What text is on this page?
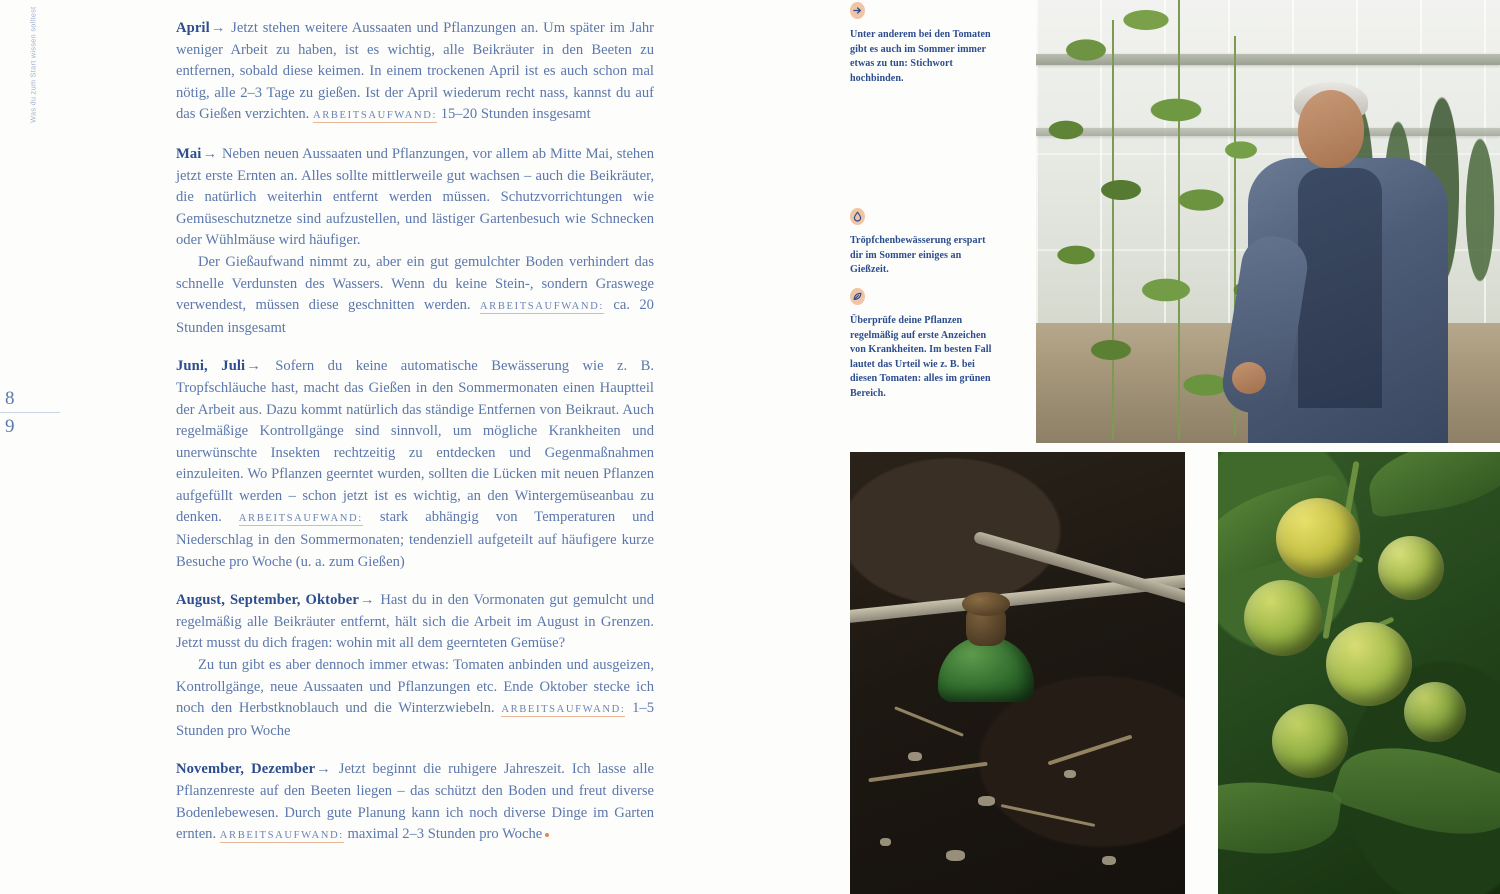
Was du zum Start wissen solltest
8
9
April→ Jetzt stehen weitere Aussaaten und Pflanzungen an. Um später im Jahr weniger Arbeit zu haben, ist es wichtig, alle Beikräuter in den Beeten zu entfernen, sobald diese keimen. In einem trockenen April ist es auch schon mal nötig, alle 2–3 Tage zu gießen. Ist der April wiederum recht nass, kannst du auf das Gießen verzichten. ARBEITSAUFWAND: 15–20 Stunden insgesamt
Mai→ Neben neuen Aussaaten und Pflanzungen, vor allem ab Mitte Mai, stehen jetzt erste Ernten an. Alles sollte mittlerweile gut wachsen – auch die Beikräuter, die natürlich weiterhin entfernt werden müssen. Schutzvorrichtungen wie Gemüseschutznetze sind aufzustellen, und lästiger Gartenbesuch wie Schnecken oder Wühlmäuse wird häufiger.
Der Gießaufwand nimmt zu, aber ein gut gemulchter Boden verhindert das schnelle Verdunsten des Wassers. Wenn du keine Stein-, sondern Graswege verwendest, müssen diese geschnitten werden. ARBEITSAUFWAND: ca. 20 Stunden insgesamt
Juni, Juli→ Sofern du keine automatische Bewässerung wie z. B. Tropfschläuche hast, macht das Gießen in den Sommermonaten einen Hauptteil der Arbeit aus. Dazu kommt natürlich das ständige Entfernen von Beikraut. Auch regelmäßige Kontrollgänge sind sinnvoll, um mögliche Krankheiten und unerwünschte Insekten rechtzeitig zu entdecken und Gegenmaßnahmen einzuleiten. Wo Pflanzen geerntet wurden, sollten die Lücken mit neuen Pflanzen aufgefüllt werden – schon jetzt ist es wichtig, an den Wintergemüseanbau zu denken. ARBEITSAUFWAND: stark abhängig von Temperaturen und Niederschlag in den Sommermonaten; tendenziell aufgeteilt auf häufigere kurze Besuche pro Woche (u. a. zum Gießen)
August, September, Oktober→ Hast du in den Vormonaten gut gemulcht und regelmäßig alle Beikräuter entfernt, hält sich die Arbeit im August in Grenzen. Jetzt musst du dich fragen: wohin mit all dem geernteten Gemüse?
Zu tun gibt es aber dennoch immer etwas: Tomaten anbinden und ausgeizen, Kontrollgänge, neue Aussaaten und Pflanzungen etc. Ende Oktober stecke ich noch den Herbstknoblauch und die Winterzwiebeln. ARBEITSAUFWAND: 1–5 Stunden pro Woche
November, Dezember→ Jetzt beginnt die ruhigere Jahreszeit. Ich lasse alle Pflanzenreste auf den Beeten liegen – das schützt den Boden und freut diverse Bodenlebewesen. Durch gute Planung kann ich noch diverse Dinge im Garten ernten. ARBEITSAUFWAND: maximal 2–3 Stunden pro Woche
Unter anderem bei den Tomaten gibt es auch im Sommer immer etwas zu tun: Stichwort hochbinden.
Tröpfchenbewässerung erspart dir im Sommer einiges an Gießzeit.
Überprüfe deine Pflanzen regelmäßig auf erste Anzeichen von Krankheiten. Im besten Fall lautet das Urteil wie z. B. bei diesen Tomaten: alles im grünen Bereich.
